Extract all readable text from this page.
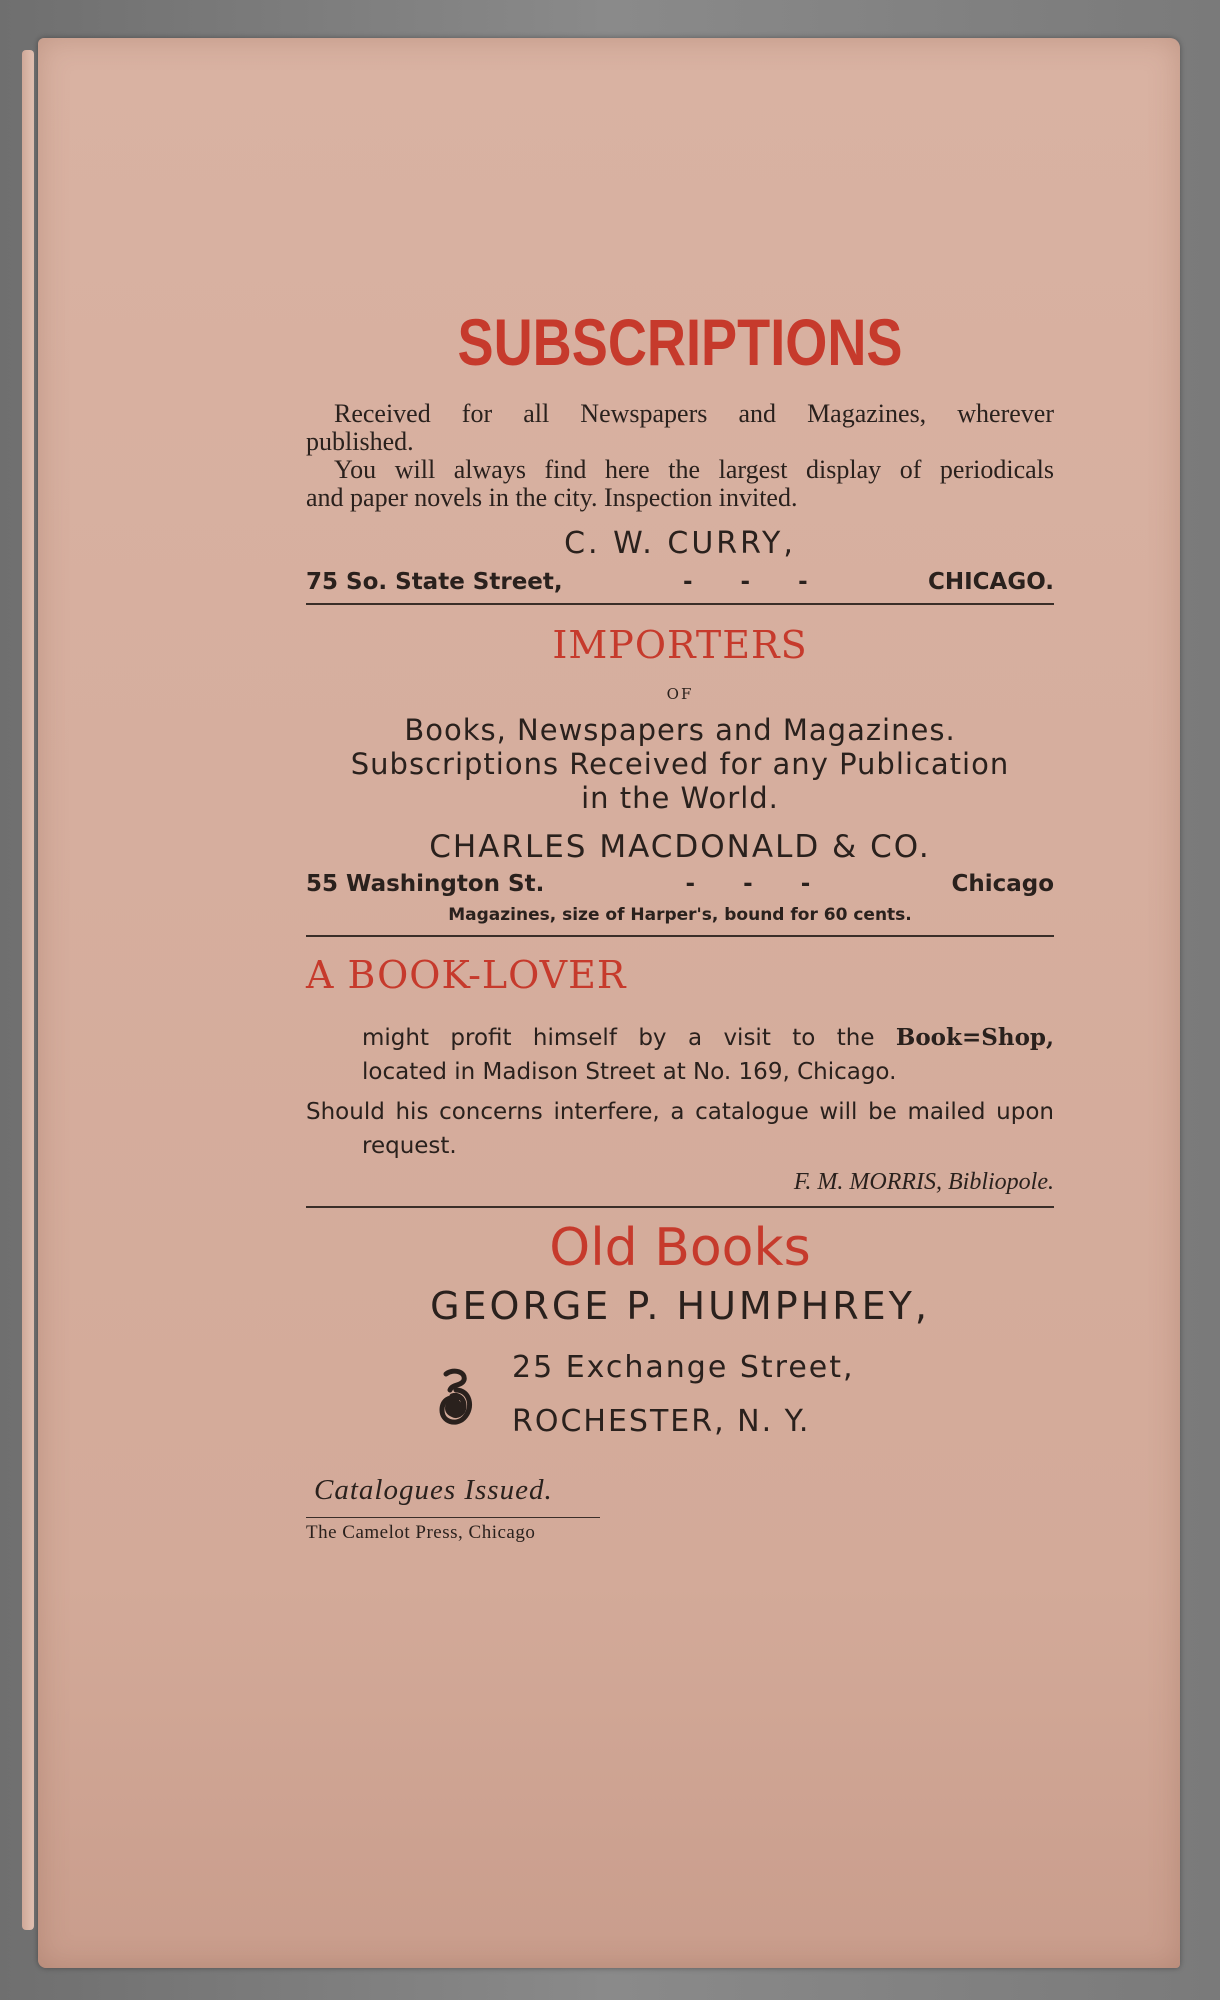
SUBSCRIPTIONS

Received for all Newspapers and Magazines, wherever

published.

You will always find here the largest display of periodicals

and paper novels in the city. Inspection invited.

C. W. CURRY,

75 So. State Street,	-      -      -	CHICAGO.

IMPORTERS

OF

Books, Newspapers and Magazines.

Subscriptions Received for any Publication

in the World.

CHARLES MACDONALD & CO.

55 Washington St.	-      -      -	Chicago

Magazines, size of Harper's, bound for 60 cents.

A BOOK-LOVER

might profit himself by a visit to the Book=Shop,

located in Madison Street at No. 169, Chicago.

Should his concerns interfere, a catalogue will be mailed upon request.

F. M. MORRIS, Bibliopole.

Old Books

GEORGE P. HUMPHREY,

25 Exchange Street,

ROCHESTER, N. Y.

Catalogues Issued.

The Camelot Press, Chicago
